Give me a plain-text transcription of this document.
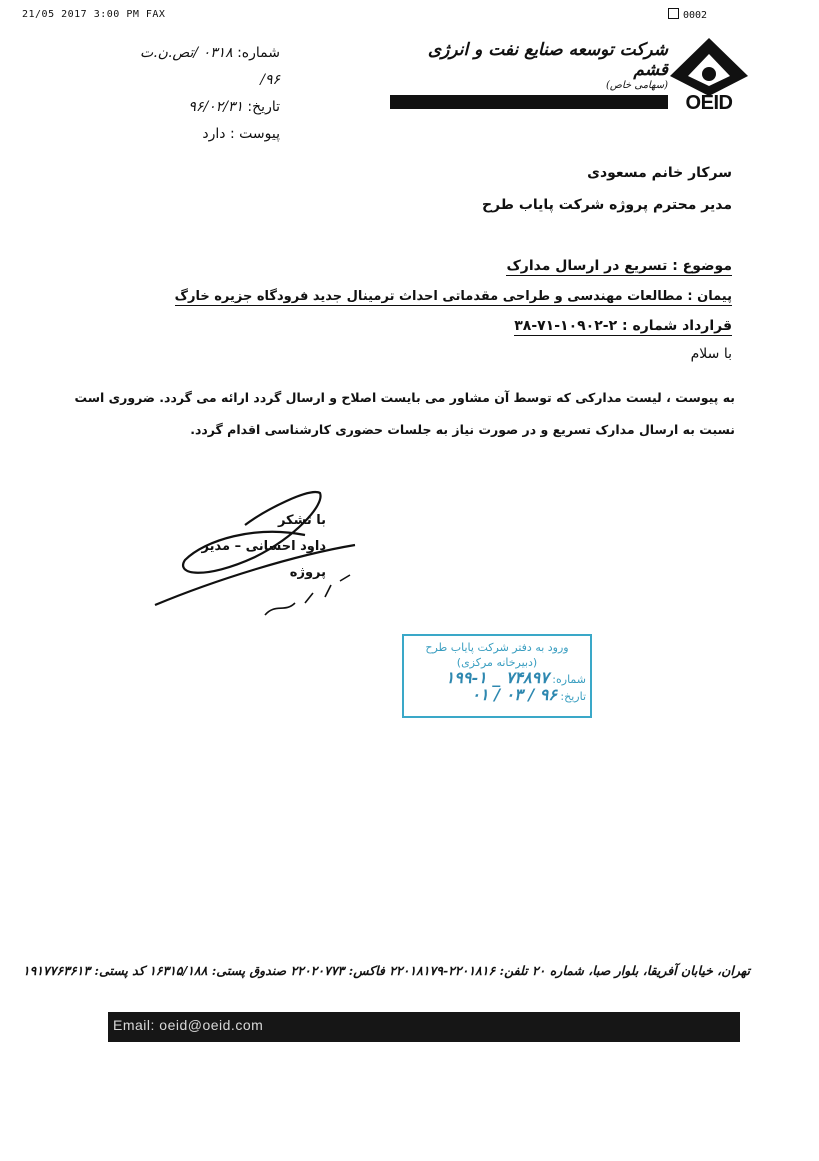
21/05 2017 3:00 PM FAX	0002
شماره: ۰۳۱۸ /تص.ن.ت ۹۶/
تاریخ: ۹۶/۰۲/۳۱
پیوست : دارد
شرکت توسعه صنایع نفت و انرژی قشم
(سهامی خاص)
OEID
سرکار خانم مسعودی
مدیر محترم پروژه شرکت پایاب طرح
موضوع : تسریع در ارسال مدارک
پیمان : مطالعات مهندسی و طراحی مقدماتی احداث ترمینال جدید فرودگاه جزیره خارگ
قرارداد شماره : ۲-۱۰۹۰۲-۷۱-۳۸
با سلام
به پیوست ، لیست مدارکی که توسط آن مشاور می بایست اصلاح و ارسال گردد ارائه می گردد. ضروری است
نسبت به ارسال مدارک تسریع و در صورت نیاز به جلسات حضوری کارشناسی اقدام گردد.
با تشکر
داود احسانی – مدیر پروژه
ورود به دفتر شرکت پایاب طرح
(دبیرخانه مرکزی)
شماره: ۷۴۸۹۷ _ ۱-۱۹۹
تاریخ: ۹۶ / ۰۳ / ۰۱
تهران، خیابان آفریقا، بلوار صبا، شماره ۲۰ تلفن: ۲۲۰۱۸۱۶-۲۲۰۱۸۱۷۹ فاکس: ۲۲۰۲۰۷۷۳ صندوق پستی: ۱۶۳۱۵/۱۸۸ کد پستی: ۱۹۱۷۷۶۳۶۱۳
Email: oeid@oeid.com
